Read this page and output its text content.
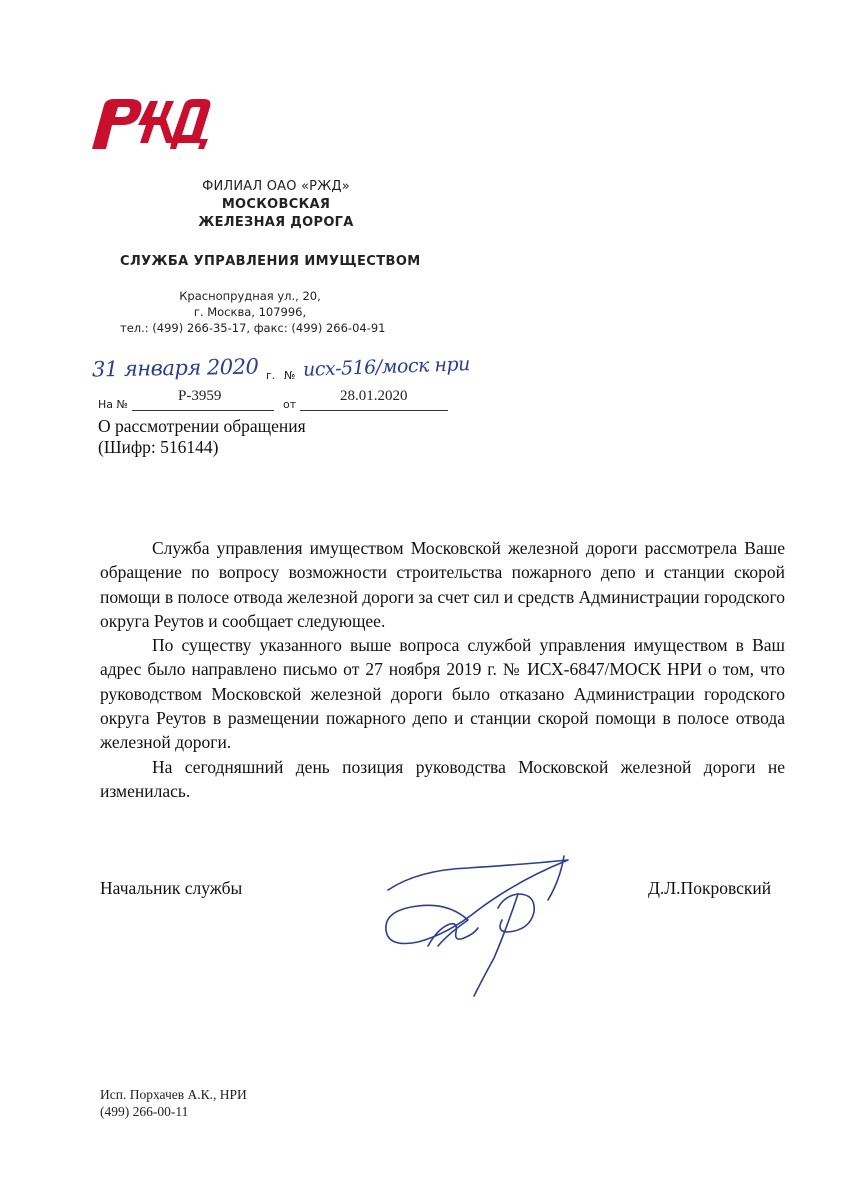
ФИЛИАЛ ОАО «РЖД»
МОСКОВСКАЯ
ЖЕЛЕЗНАЯ ДОРОГА
СЛУЖБА УПРАВЛЕНИЯ ИМУЩЕСТВОМ
Краснопрудная ул., 20,
г. Москва, 107996,
тел.: (499) 266-35-17, факс: (499) 266-04-91
31 января 2020 г. № исх-516/моск нри
На №
Р-3959
от
28.01.2020
О рассмотрении обращения
(Шифр: 516144)

Служба управления имуществом Московской железной дороги рассмотрела Ваше обращение по вопросу возможности строительства пожарного депо и станции скорой помощи в полосе отвода железной дороги за счет сил и средств Администрации городского округа Реутов и сообщает следующее.

По существу указанного выше вопроса службой управления имуществом в Ваш адрес было направлено письмо от 27 ноября 2019 г. № ИСХ-6847/МОСК НРИ о том, что руководством Московской железной дороги было отказано Администрации городского округа Реутов в размещении пожарного депо и станции скорой помощи в полосе отвода железной дороги.

На сегодняшний день позиция руководства Московской железной дороги не изменилась.

Начальник службы	Д.Л.Покровский
Исп. Порхачев А.К., НРИ
(499) 266-00-11
